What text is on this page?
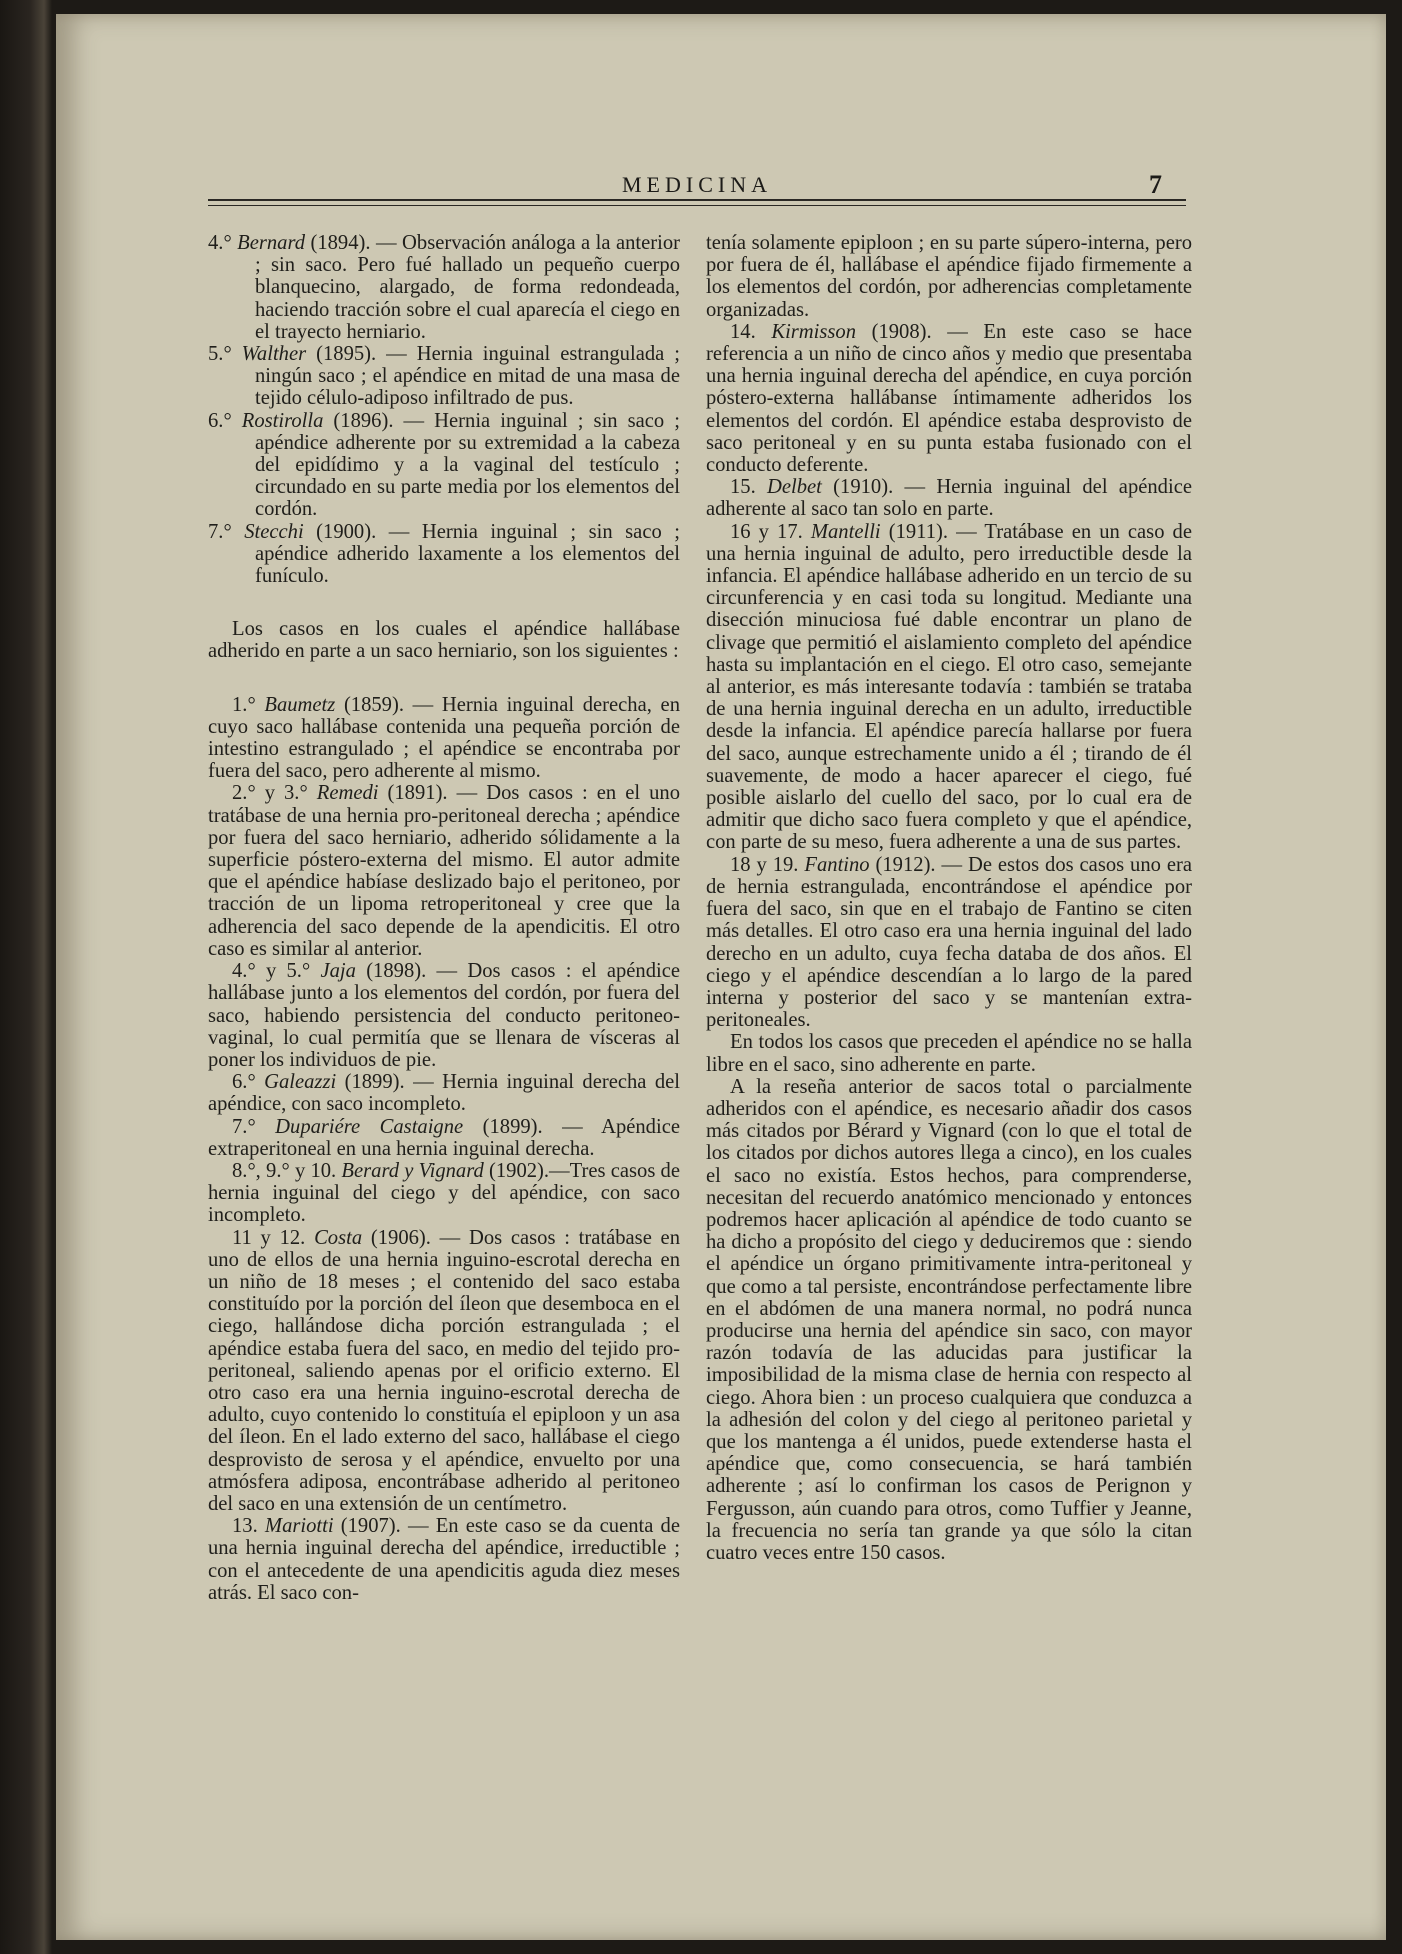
MEDICINA	7

4.° Bernard (1894). — Observación análoga a la anterior ; sin saco. Pero fué hallado un pequeño cuerpo blanquecino, alargado, de forma redondeada, haciendo tracción sobre el cual aparecía el ciego en el trayecto herniario.

5.° Walther (1895). — Hernia inguinal estrangulada ; ningún saco ; el apéndice en mitad de una masa de tejido célulo-adiposo infiltrado de pus.

6.° Rostirolla (1896). — Hernia inguinal ; sin saco ; apéndice adherente por su extremidad a la cabeza del epidídimo y a la vaginal del testículo ; circundado en su parte media por los elementos del cordón.

7.° Stecchi (1900). — Hernia inguinal ; sin saco ; apéndice adherido laxamente a los elementos del funículo.

Los casos en los cuales el apéndice hallábase adherido en parte a un saco herniario, son los siguientes :

1.° Baumetz (1859). — Hernia inguinal derecha, en cuyo saco hallábase contenida una pequeña porción de intestino estrangulado ; el apéndice se encontraba por fuera del saco, pero adherente al mismo.

2.° y 3.° Remedi (1891). — Dos casos : en el uno tratábase de una hernia pro-peritoneal derecha ; apéndice por fuera del saco herniario, adherido sólidamente a la superficie póstero-externa del mismo. El autor admite que el apéndice habíase deslizado bajo el peritoneo, por tracción de un lipoma retroperitoneal y cree que la adherencia del saco depende de la apendicitis. El otro caso es similar al anterior.

4.° y 5.° Jaja (1898). — Dos casos : el apéndice hallábase junto a los elementos del cordón, por fuera del saco, habiendo persistencia del conducto peritoneo-vaginal, lo cual permitía que se llenara de vísceras al poner los individuos de pie.

6.° Galeazzi (1899). — Hernia inguinal derecha del apéndice, con saco incompleto.

7.° Dupariére Castaigne (1899). — Apéndice extraperitoneal en una hernia inguinal derecha.

8.°, 9.° y 10. Berard y Vignard (1902).—Tres casos de hernia inguinal del ciego y del apéndice, con saco incompleto.

11 y 12. Costa (1906). — Dos casos : tratábase en uno de ellos de una hernia inguino-escrotal derecha en un niño de 18 meses ; el contenido del saco estaba constituído por la porción del íleon que desemboca en el ciego, hallándose dicha porción estrangulada ; el apéndice estaba fuera del saco, en medio del tejido pro-peritoneal, saliendo apenas por el orificio externo. El otro caso era una hernia inguino-escrotal derecha de adulto, cuyo contenido lo constituía el epiploon y un asa del íleon. En el lado externo del saco, hallábase el ciego desprovisto de serosa y el apéndice, envuelto por una atmósfera adiposa, encontrábase adherido al peritoneo del saco en una extensión de un centímetro.

13. Mariotti (1907). — En este caso se da cuenta de una hernia inguinal derecha del apéndice, irreductible ; con el antecedente de una apendicitis aguda diez meses atrás. El saco con-

tenía solamente epiploon ; en su parte súpero-interna, pero por fuera de él, hallábase el apéndice fijado firmemente a los elementos del cordón, por adherencias completamente organizadas.

14. Kirmisson (1908). — En este caso se hace referencia a un niño de cinco años y medio que presentaba una hernia inguinal derecha del apéndice, en cuya porción póstero-externa hallábanse íntimamente adheridos los elementos del cordón. El apéndice estaba desprovisto de saco peritoneal y en su punta estaba fusionado con el conducto deferente.

15. Delbet (1910). — Hernia inguinal del apéndice adherente al saco tan solo en parte.

16 y 17. Mantelli (1911). — Tratábase en un caso de una hernia inguinal de adulto, pero irreductible desde la infancia. El apéndice hallábase adherido en un tercio de su circunferencia y en casi toda su longitud. Mediante una disección minuciosa fué dable encontrar un plano de clivage que permitió el aislamiento completo del apéndice hasta su implantación en el ciego. El otro caso, semejante al anterior, es más interesante todavía : también se trataba de una hernia inguinal derecha en un adulto, irreductible desde la infancia. El apéndice parecía hallarse por fuera del saco, aunque estrechamente unido a él ; tirando de él suavemente, de modo a hacer aparecer el ciego, fué posible aislarlo del cuello del saco, por lo cual era de admitir que dicho saco fuera completo y que el apéndice, con parte de su meso, fuera adherente a una de sus partes.

18 y 19. Fantino (1912). — De estos dos casos uno era de hernia estrangulada, encontrándose el apéndice por fuera del saco, sin que en el trabajo de Fantino se citen más detalles. El otro caso era una hernia inguinal del lado derecho en un adulto, cuya fecha databa de dos años. El ciego y el apéndice descendían a lo largo de la pared interna y posterior del saco y se mantenían extra-peritoneales.

En todos los casos que preceden el apéndice no se halla libre en el saco, sino adherente en parte.

A la reseña anterior de sacos total o parcialmente adheridos con el apéndice, es necesario añadir dos casos más citados por Bérard y Vignard (con lo que el total de los citados por dichos autores llega a cinco), en los cuales el saco no existía. Estos hechos, para comprenderse, necesitan del recuerdo anatómico mencionado y entonces podremos hacer aplicación al apéndice de todo cuanto se ha dicho a propósito del ciego y deduciremos que : siendo el apéndice un órgano primitivamente intra-peritoneal y que como a tal persiste, encontrándose perfectamente libre en el abdómen de una manera normal, no podrá nunca producirse una hernia del apéndice sin saco, con mayor razón todavía de las aducidas para justificar la imposibilidad de la misma clase de hernia con respecto al ciego. Ahora bien : un proceso cualquiera que conduzca a la adhesión del colon y del ciego al peritoneo parietal y que los mantenga a él unidos, puede extenderse hasta el apéndice que, como consecuencia, se hará también adherente ; así lo confirman los casos de Perignon y Fergusson, aún cuando para otros, como Tuffier y Jeanne, la frecuencia no sería tan grande ya que sólo la citan cuatro veces entre 150 casos.
